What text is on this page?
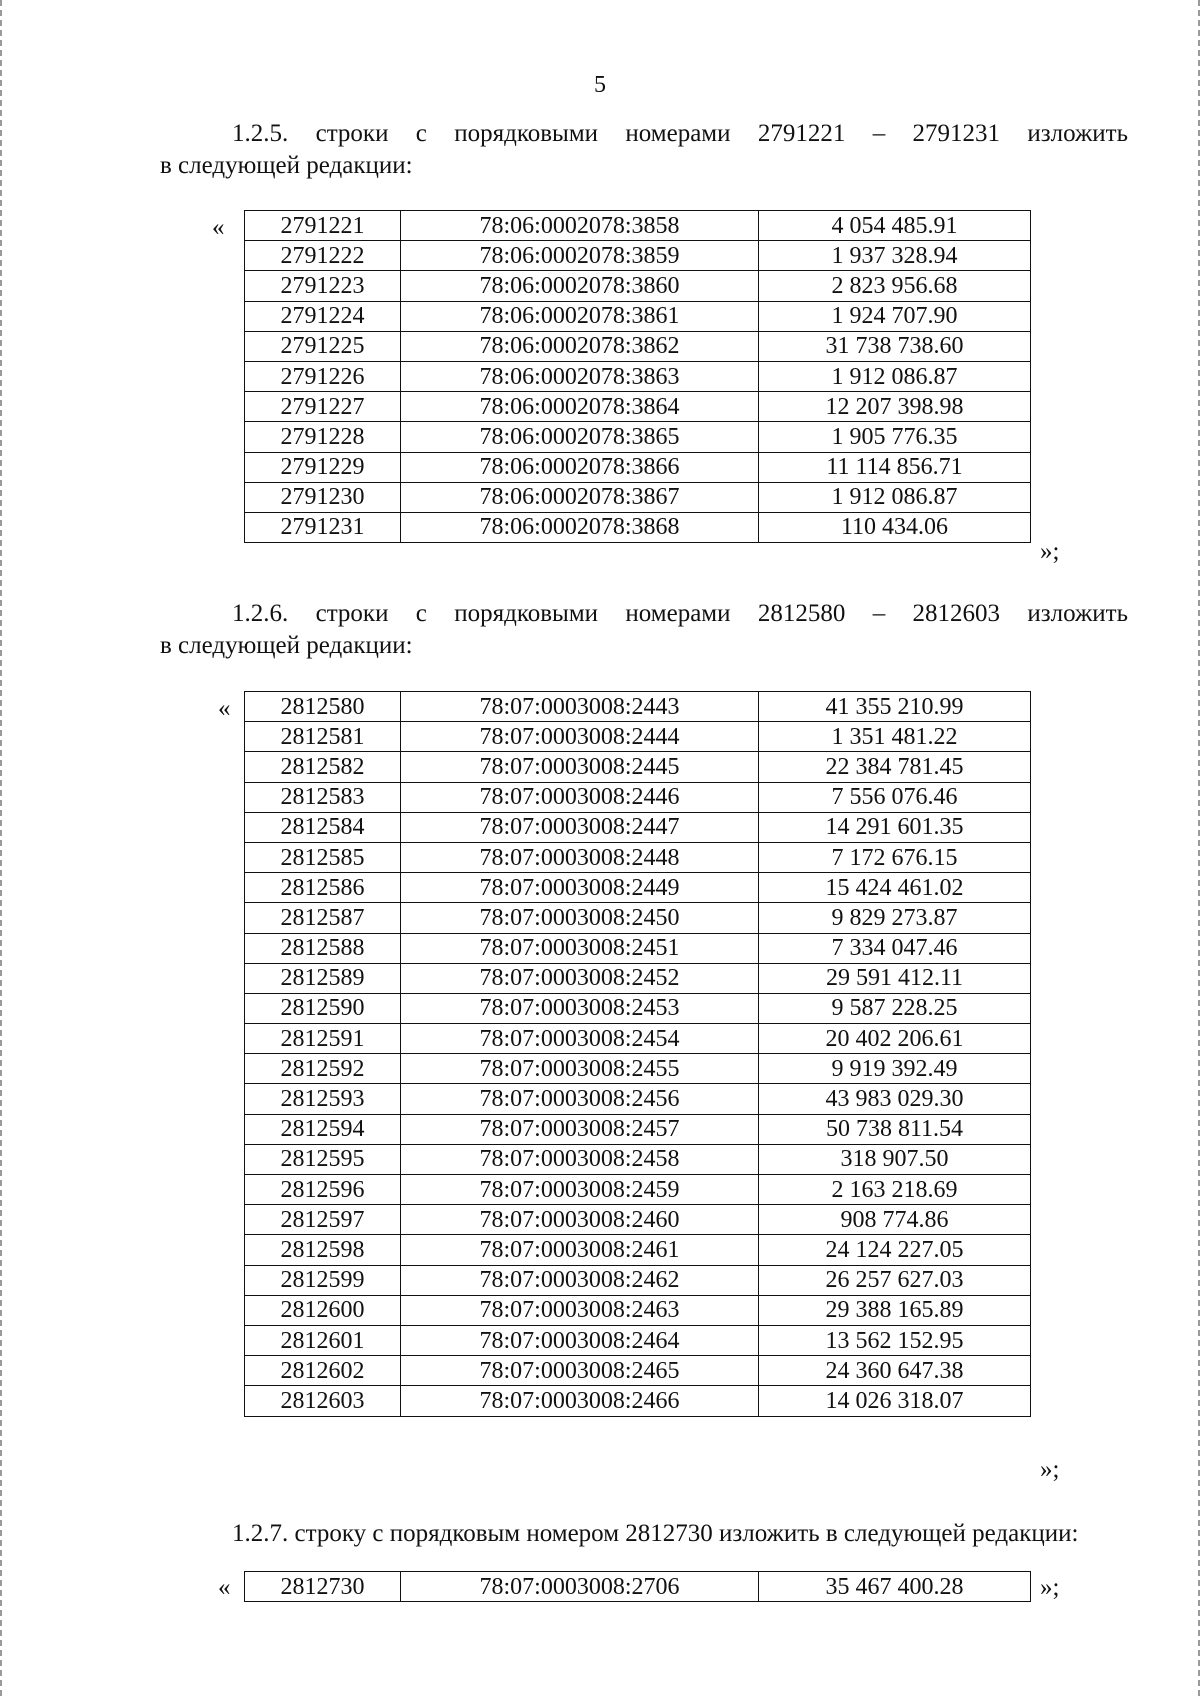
5
1.2.5. строки с порядковыми номерами 2791221 – 2791231 изложить
в следующей редакции:
« 2791221	78:06:0002078:3858	4 054 485.91
2791222	78:06:0002078:3859	1 937 328.94
2791223	78:06:0002078:3860	2 823 956.68
2791224	78:06:0002078:3861	1 924 707.90
2791225	78:06:0002078:3862	31 738 738.60
2791226	78:06:0002078:3863	1 912 086.87
2791227	78:06:0002078:3864	12 207 398.98
2791228	78:06:0002078:3865	1 905 776.35
2791229	78:06:0002078:3866	11 114 856.71
2791230	78:06:0002078:3867	1 912 086.87
2791231	78:06:0002078:3868	110 434.06
»;
1.2.6. строки с порядковыми номерами 2812580 – 2812603 изложить
в следующей редакции:
« 2812580	78:07:0003008:2443	41 355 210.99
2812581	78:07:0003008:2444	1 351 481.22
2812582	78:07:0003008:2445	22 384 781.45
2812583	78:07:0003008:2446	7 556 076.46
2812584	78:07:0003008:2447	14 291 601.35
2812585	78:07:0003008:2448	7 172 676.15
2812586	78:07:0003008:2449	15 424 461.02
2812587	78:07:0003008:2450	9 829 273.87
2812588	78:07:0003008:2451	7 334 047.46
2812589	78:07:0003008:2452	29 591 412.11
2812590	78:07:0003008:2453	9 587 228.25
2812591	78:07:0003008:2454	20 402 206.61
2812592	78:07:0003008:2455	9 919 392.49
2812593	78:07:0003008:2456	43 983 029.30
2812594	78:07:0003008:2457	50 738 811.54
2812595	78:07:0003008:2458	318 907.50
2812596	78:07:0003008:2459	2 163 218.69
2812597	78:07:0003008:2460	908 774.86
2812598	78:07:0003008:2461	24 124 227.05
2812599	78:07:0003008:2462	26 257 627.03
2812600	78:07:0003008:2463	29 388 165.89
2812601	78:07:0003008:2464	13 562 152.95
2812602	78:07:0003008:2465	24 360 647.38
2812603	78:07:0003008:2466	14 026 318.07
»;
1.2.7. строку с порядковым номером 2812730 изложить в следующей редакции:
« 2812730	78:07:0003008:2706	35 467 400.28	»;
